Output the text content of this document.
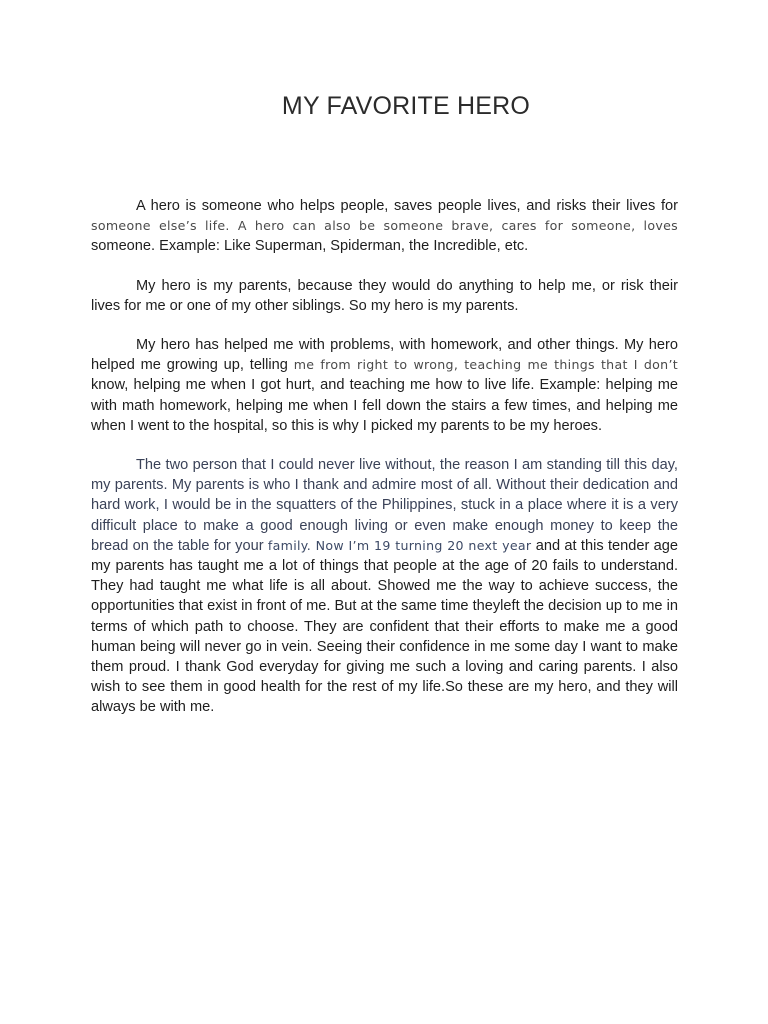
MY FAVORITE HERO

A hero is someone who helps people, saves people lives, and risks their lives for someone else’s life. A hero can also be someone brave, cares for someone, loves someone. Example: Like Superman, Spiderman, the Incredible, etc.

My hero is my parents, because they would do anything to help me, or risk their lives for me or one of my other siblings. So my hero is my parents.

My hero has helped me with problems, with homework, and other things. My hero helped me growing up, telling me from right to wrong, teaching me things that I don’t know, helping me when I got hurt, and teaching me how to live life. Example: helping me with math homework, helping me when I fell down the stairs a few times, and helping me when I went to the hospital, so this is why I picked my parents to be my heroes.

The two person that I could never live without, the reason I am standing till this day, my parents. My parents is who I thank and admire most of all. Without their dedication and hard work, I would be in the squatters of the Philippines, stuck in a place where it is a very difficult place to make a good enough living or even make enough money to keep the bread on the table for your family. Now I’m 19 turning 20 next year and at this tender age my parents has taught me a lot of things that people at the age of 20 fails to understand. They had taught me what life is all about. Showed me the way to achieve success, the opportunities that exist in front of me. But at the same time theyleft the decision up to me in terms of which path to choose. They are confident that their efforts to make me a good human being will never go in vein. Seeing their confidence in me some day I want to make them proud. I thank God everyday for giving me such a loving and caring parents. I also wish to see them in good health for the rest of my life.So these are my hero, and they will always be with me.
